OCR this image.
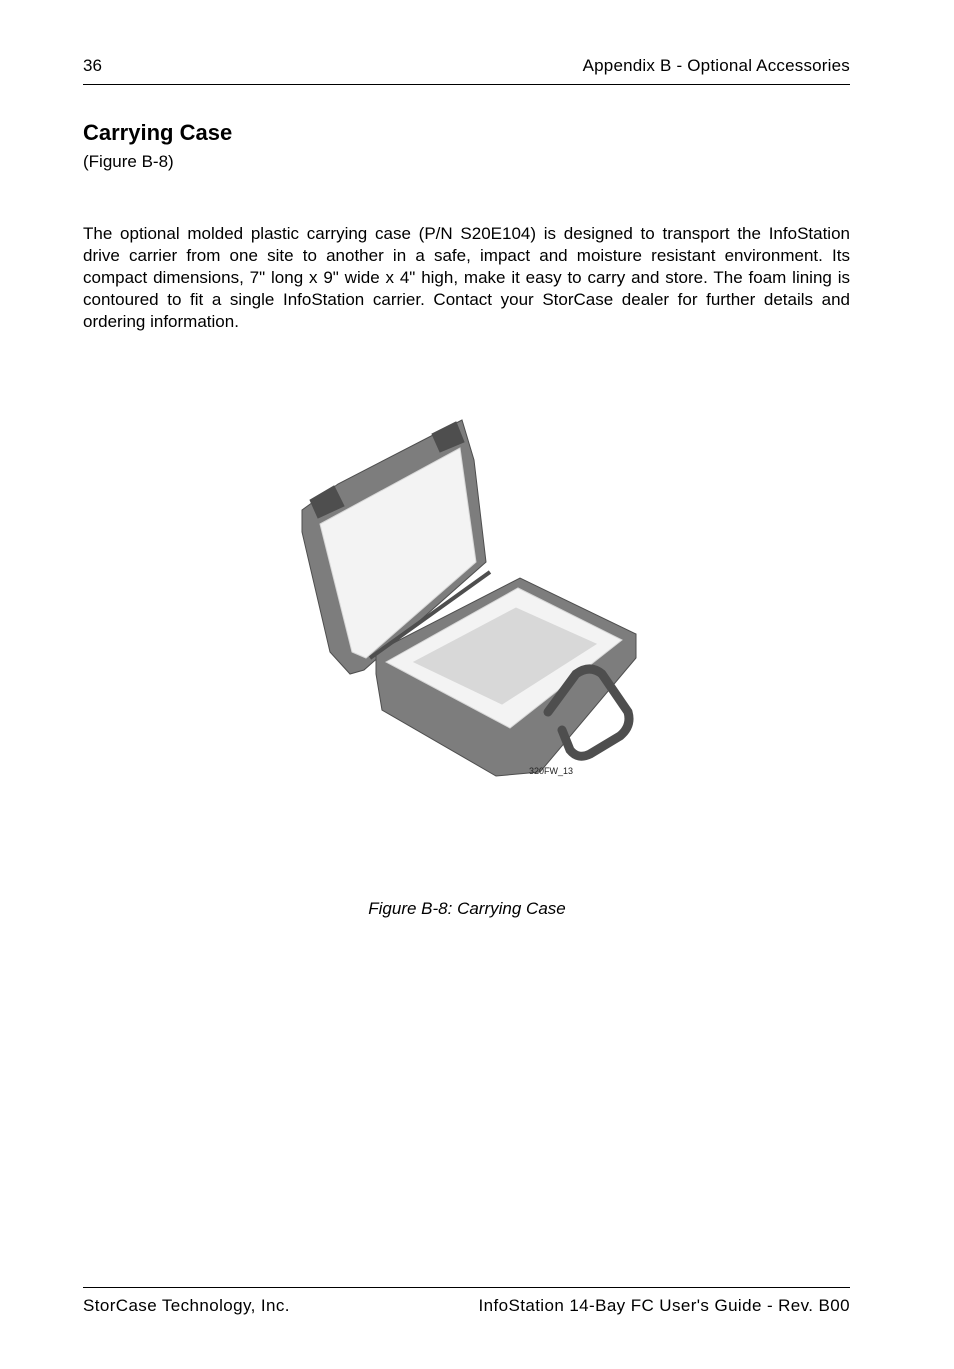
36	Appendix B - Optional Accessories
Carrying Case
(Figure B-8)

The optional molded plastic carrying case (P/N S20E104) is designed to transport the InfoStation drive carrier from one site to another in a safe, impact and moisture resistant environment. Its compact dimensions, 7" long x 9" wide x 4" high, make it easy to carry and store. The foam lining is contoured to fit a single InfoStation carrier. Contact your StorCase dealer for further details and ordering information.

320FW_13
Figure B-8: Carrying Case
StorCase Technology, Inc.	InfoStation 14-Bay FC User's Guide - Rev. B00
